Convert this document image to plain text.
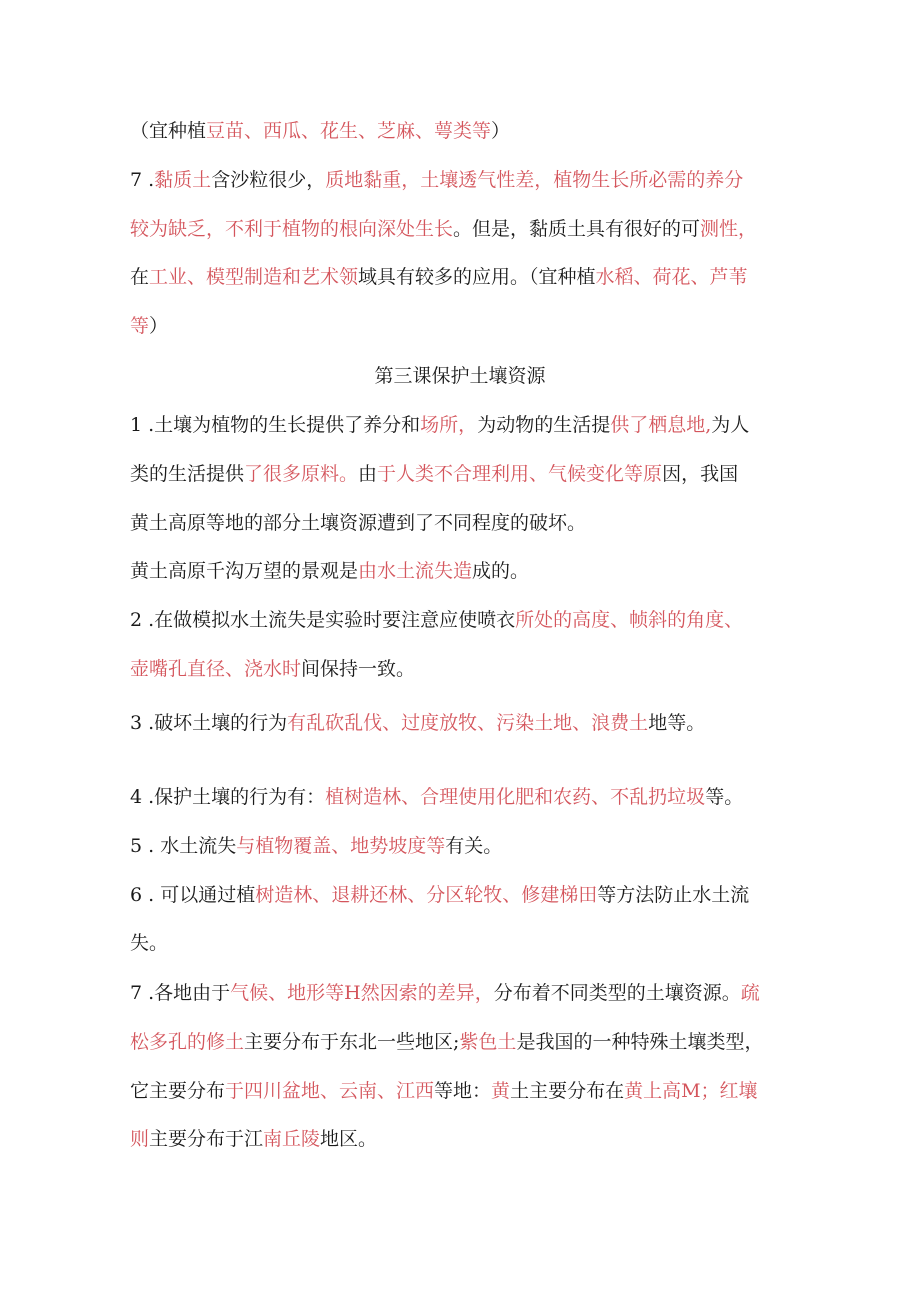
（宜种植豆苗、西瓜、花生、芝麻、萼类等）
7 .黏质土含沙粒很少，质地黏重，土壤透气性差，植物生长所必需的养分
较为缺乏，不利于植物的根向深处生长。但是，黏质土具有很好的可测性，
在工业、模型制造和艺术领域具有较多的应用。（宜种植水稻、荷花、芦苇
等）
第三课保护土壤资源
1 .土壤为植物的生长提供了养分和场所，为动物的生活提供了栖息地,为人
类的生活提供了很多原料。由于人类不合理利用、气候变化等原因，我国
黄土高原等地的部分土壤资源遭到了不同程度的破坏。
黄土高原千沟万望的景观是由水土流失造成的。
2 .在做模拟水土流失是实验时要注意应使喷衣所处的高度、帧斜的角度、
壶嘴孔直径、浇水时间保持一致。
3 .破坏土壤的行为有乱砍乱伐、过度放牧、污染土地、浪费土地等。
4 .保护土壤的行为有：植树造林、合理使用化肥和农药、不乱扔垃圾等。
5 . 水土流失与植物覆盖、地势坡度等有关。
6 . 可以通过植树造林、退耕还林、分区轮牧、修建梯田等方法防止水土流
失。
7 .各地由于气候、地形等H然因索的差异，分布着不同类型的土壤资源。疏
松多孔的修土主要分布于东北一些地区;紫色土是我国的一种特殊土壤类型，
它主要分布于四川盆地、云南、江西等地：黄土主要分布在黄上高M；红壤
则主要分布于江南丘陵地区。
